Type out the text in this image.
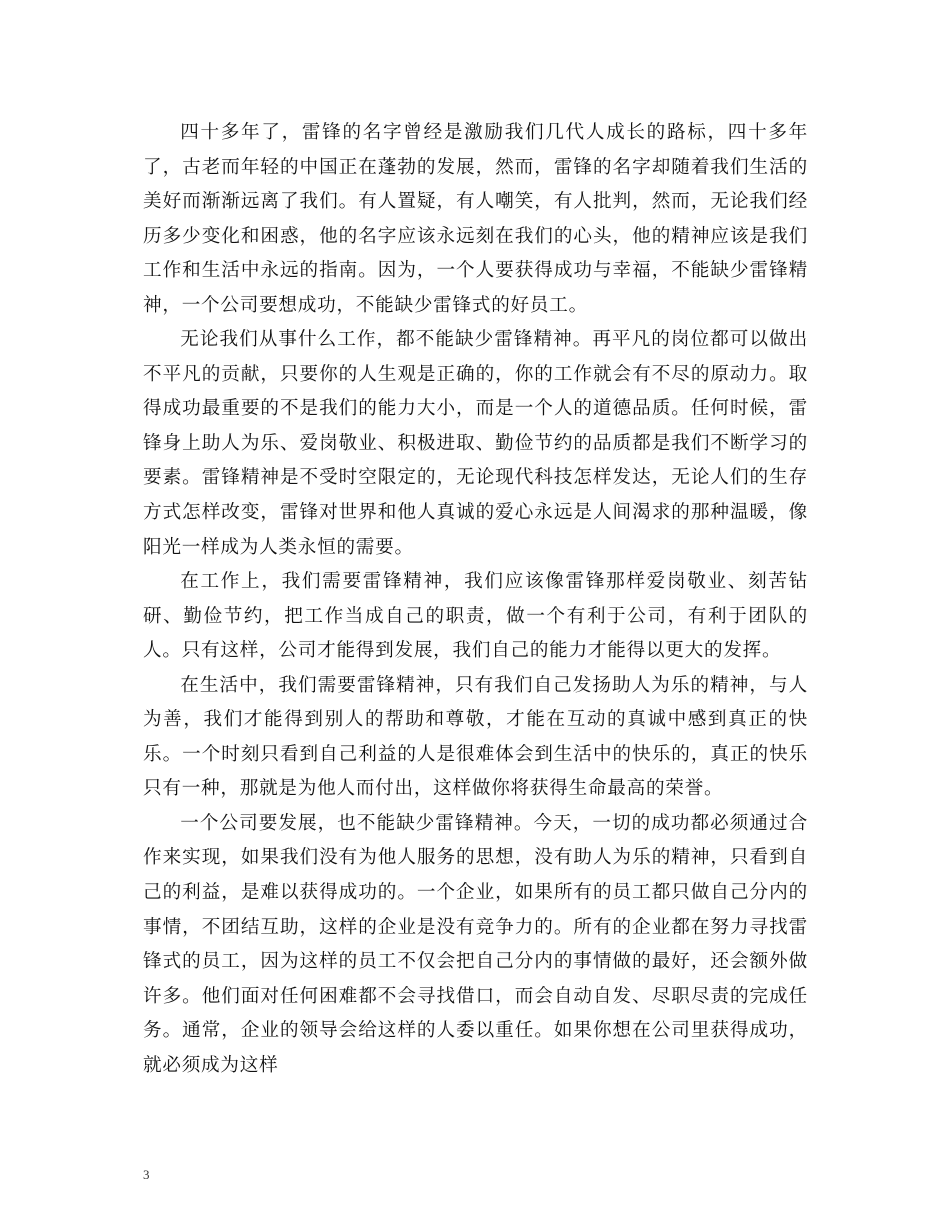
四十多年了，雷锋的名字曾经是激励我们几代人成长的路标，四十多年了，古老而年轻的中国正在蓬勃的发展，然而，雷锋的名字却随着我们生活的美好而渐渐远离了我们。有人置疑，有人嘲笑，有人批判，然而，无论我们经历多少变化和困惑，他的名字应该永远刻在我们的心头，他的精神应该是我们工作和生活中永远的指南。因为，一个人要获得成功与幸福，不能缺少雷锋精神，一个公司要想成功，不能缺少雷锋式的好员工。

无论我们从事什么工作，都不能缺少雷锋精神。再平凡的岗位都可以做出不平凡的贡献，只要你的人生观是正确的，你的工作就会有不尽的原动力。取得成功最重要的不是我们的能力大小，而是一个人的道德品质。任何时候，雷锋身上助人为乐、爱岗敬业、积极进取、勤俭节约的品质都是我们不断学习的要素。雷锋精神是不受时空限定的，无论现代科技怎样发达，无论人们的生存方式怎样改变，雷锋对世界和他人真诚的爱心永远是人间渴求的那种温暖，像阳光一样成为人类永恒的需要。

在工作上，我们需要雷锋精神，我们应该像雷锋那样爱岗敬业、刻苦钻研、勤俭节约，把工作当成自己的职责，做一个有利于公司，有利于团队的人。只有这样，公司才能得到发展，我们自己的能力才能得以更大的发挥。

在生活中，我们需要雷锋精神，只有我们自己发扬助人为乐的精神，与人为善，我们才能得到别人的帮助和尊敬，才能在互动的真诚中感到真正的快乐。一个时刻只看到自己利益的人是很难体会到生活中的快乐的，真正的快乐只有一种，那就是为他人而付出，这样做你将获得生命最高的荣誉。

一个公司要发展，也不能缺少雷锋精神。今天，一切的成功都必须通过合作来实现，如果我们没有为他人服务的思想，没有助人为乐的精神，只看到自己的利益，是难以获得成功的。一个企业，如果所有的员工都只做自己分内的事情，不团结互助，这样的企业是没有竞争力的。所有的企业都在努力寻找雷锋式的员工，因为这样的员工不仅会把自己分内的事情做的最好，还会额外做许多。他们面对任何困难都不会寻找借口，而会自动自发、尽职尽责的完成任务。通常，企业的领导会给这样的人委以重任。如果你想在公司里获得成功，就必须成为这样

3
